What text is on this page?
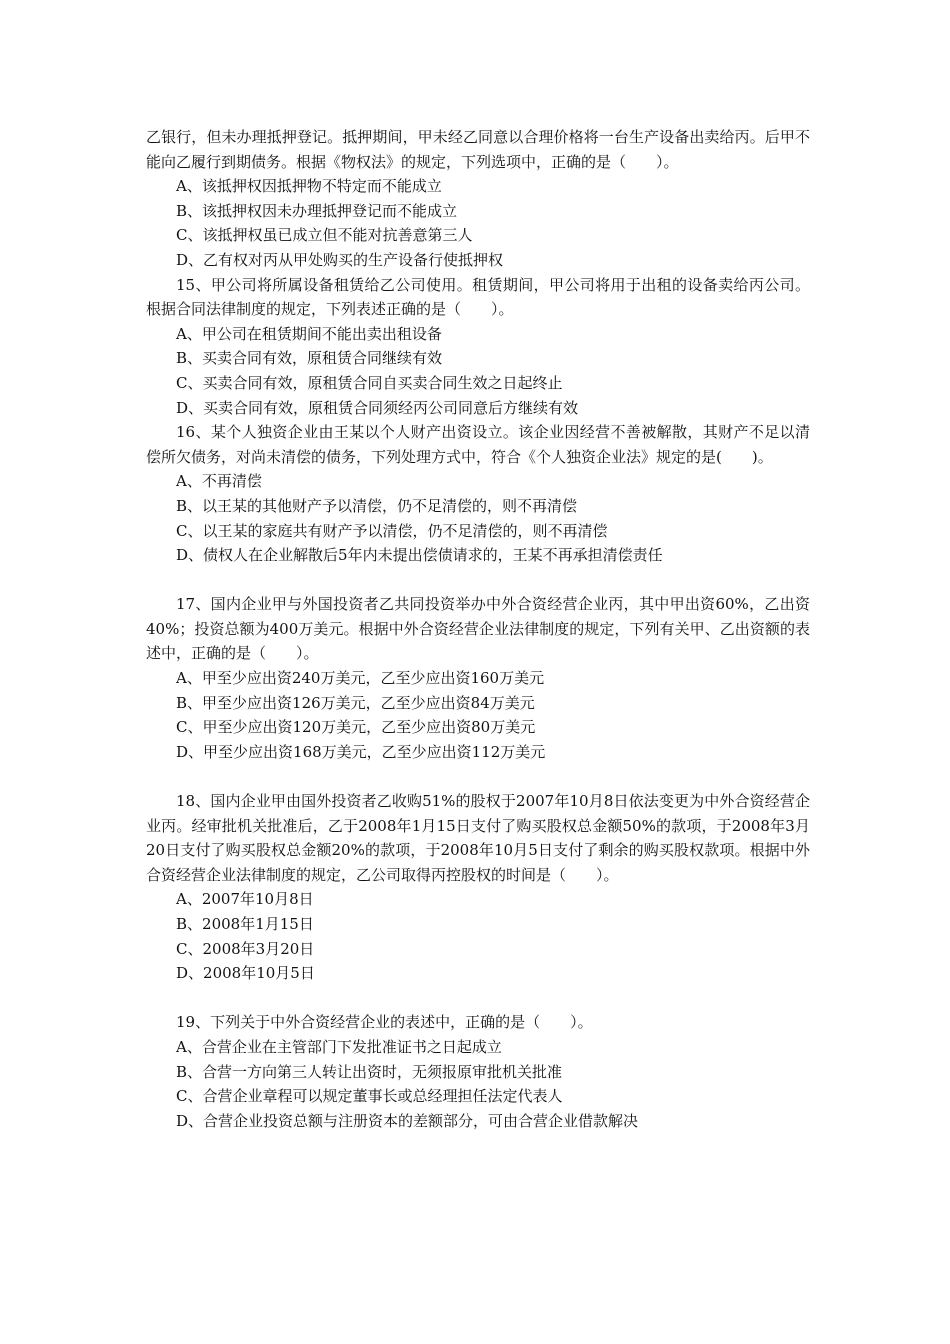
乙银行，但未办理抵押登记。抵押期间，甲未经乙同意以合理价格将一台生产设备出卖给丙。后甲不能向乙履行到期债务。根据《物权法》的规定，下列选项中，正确的是（　　）。

A、该抵押权因抵押物不特定而不能成立

B、该抵押权因未办理抵押登记而不能成立

C、该抵押权虽已成立但不能对抗善意第三人

D、乙有权对丙从甲处购买的生产设备行使抵押权

15、甲公司将所属设备租赁给乙公司使用。租赁期间，甲公司将用于出租的设备卖给丙公司。根据合同法律制度的规定，下列表述正确的是（　　）。

A、甲公司在租赁期间不能出卖出租设备

B、买卖合同有效，原租赁合同继续有效

C、买卖合同有效，原租赁合同自买卖合同生效之日起终止

D、买卖合同有效，原租赁合同须经丙公司同意后方继续有效

16、某个人独资企业由王某以个人财产出资设立。该企业因经营不善被解散，其财产不足以清偿所欠债务，对尚未清偿的债务，下列处理方式中，符合《个人独资企业法》规定的是(　　)。

A、不再清偿

B、以王某的其他财产予以清偿，仍不足清偿的，则不再清偿

C、以王某的家庭共有财产予以清偿，仍不足清偿的，则不再清偿

D、债权人在企业解散后5年内未提出偿债请求的，王某不再承担清偿责任

17、国内企业甲与外国投资者乙共同投资举办中外合资经营企业丙，其中甲出资60%，乙出资40%；投资总额为400万美元。根据中外合资经营企业法律制度的规定，下列有关甲、乙出资额的表述中，正确的是（　　）。

A、甲至少应出资240万美元，乙至少应出资160万美元

B、甲至少应出资126万美元，乙至少应出资84万美元

C、甲至少应出资120万美元，乙至少应出资80万美元

D、甲至少应出资168万美元，乙至少应出资112万美元

18、国内企业甲由国外投资者乙收购51%的股权于2007年10月8日依法变更为中外合资经营企业丙。经审批机关批准后，乙于2008年1月15日支付了购买股权总金额50%的款项，于2008年3月20日支付了购买股权总金额20%的款项，于2008年10月5日支付了剩余的购买股权款项。根据中外合资经营企业法律制度的规定，乙公司取得丙控股权的时间是（　　）。

A、2007年10月8日

B、2008年1月15日

C、2008年3月20日

D、2008年10月5日

19、下列关于中外合资经营企业的表述中，正确的是（　　）。

A、合营企业在主管部门下发批准证书之日起成立

B、合营一方向第三人转让出资时，无须报原审批机关批准

C、合营企业章程可以规定董事长或总经理担任法定代表人

D、合营企业投资总额与注册资本的差额部分，可由合营企业借款解决
